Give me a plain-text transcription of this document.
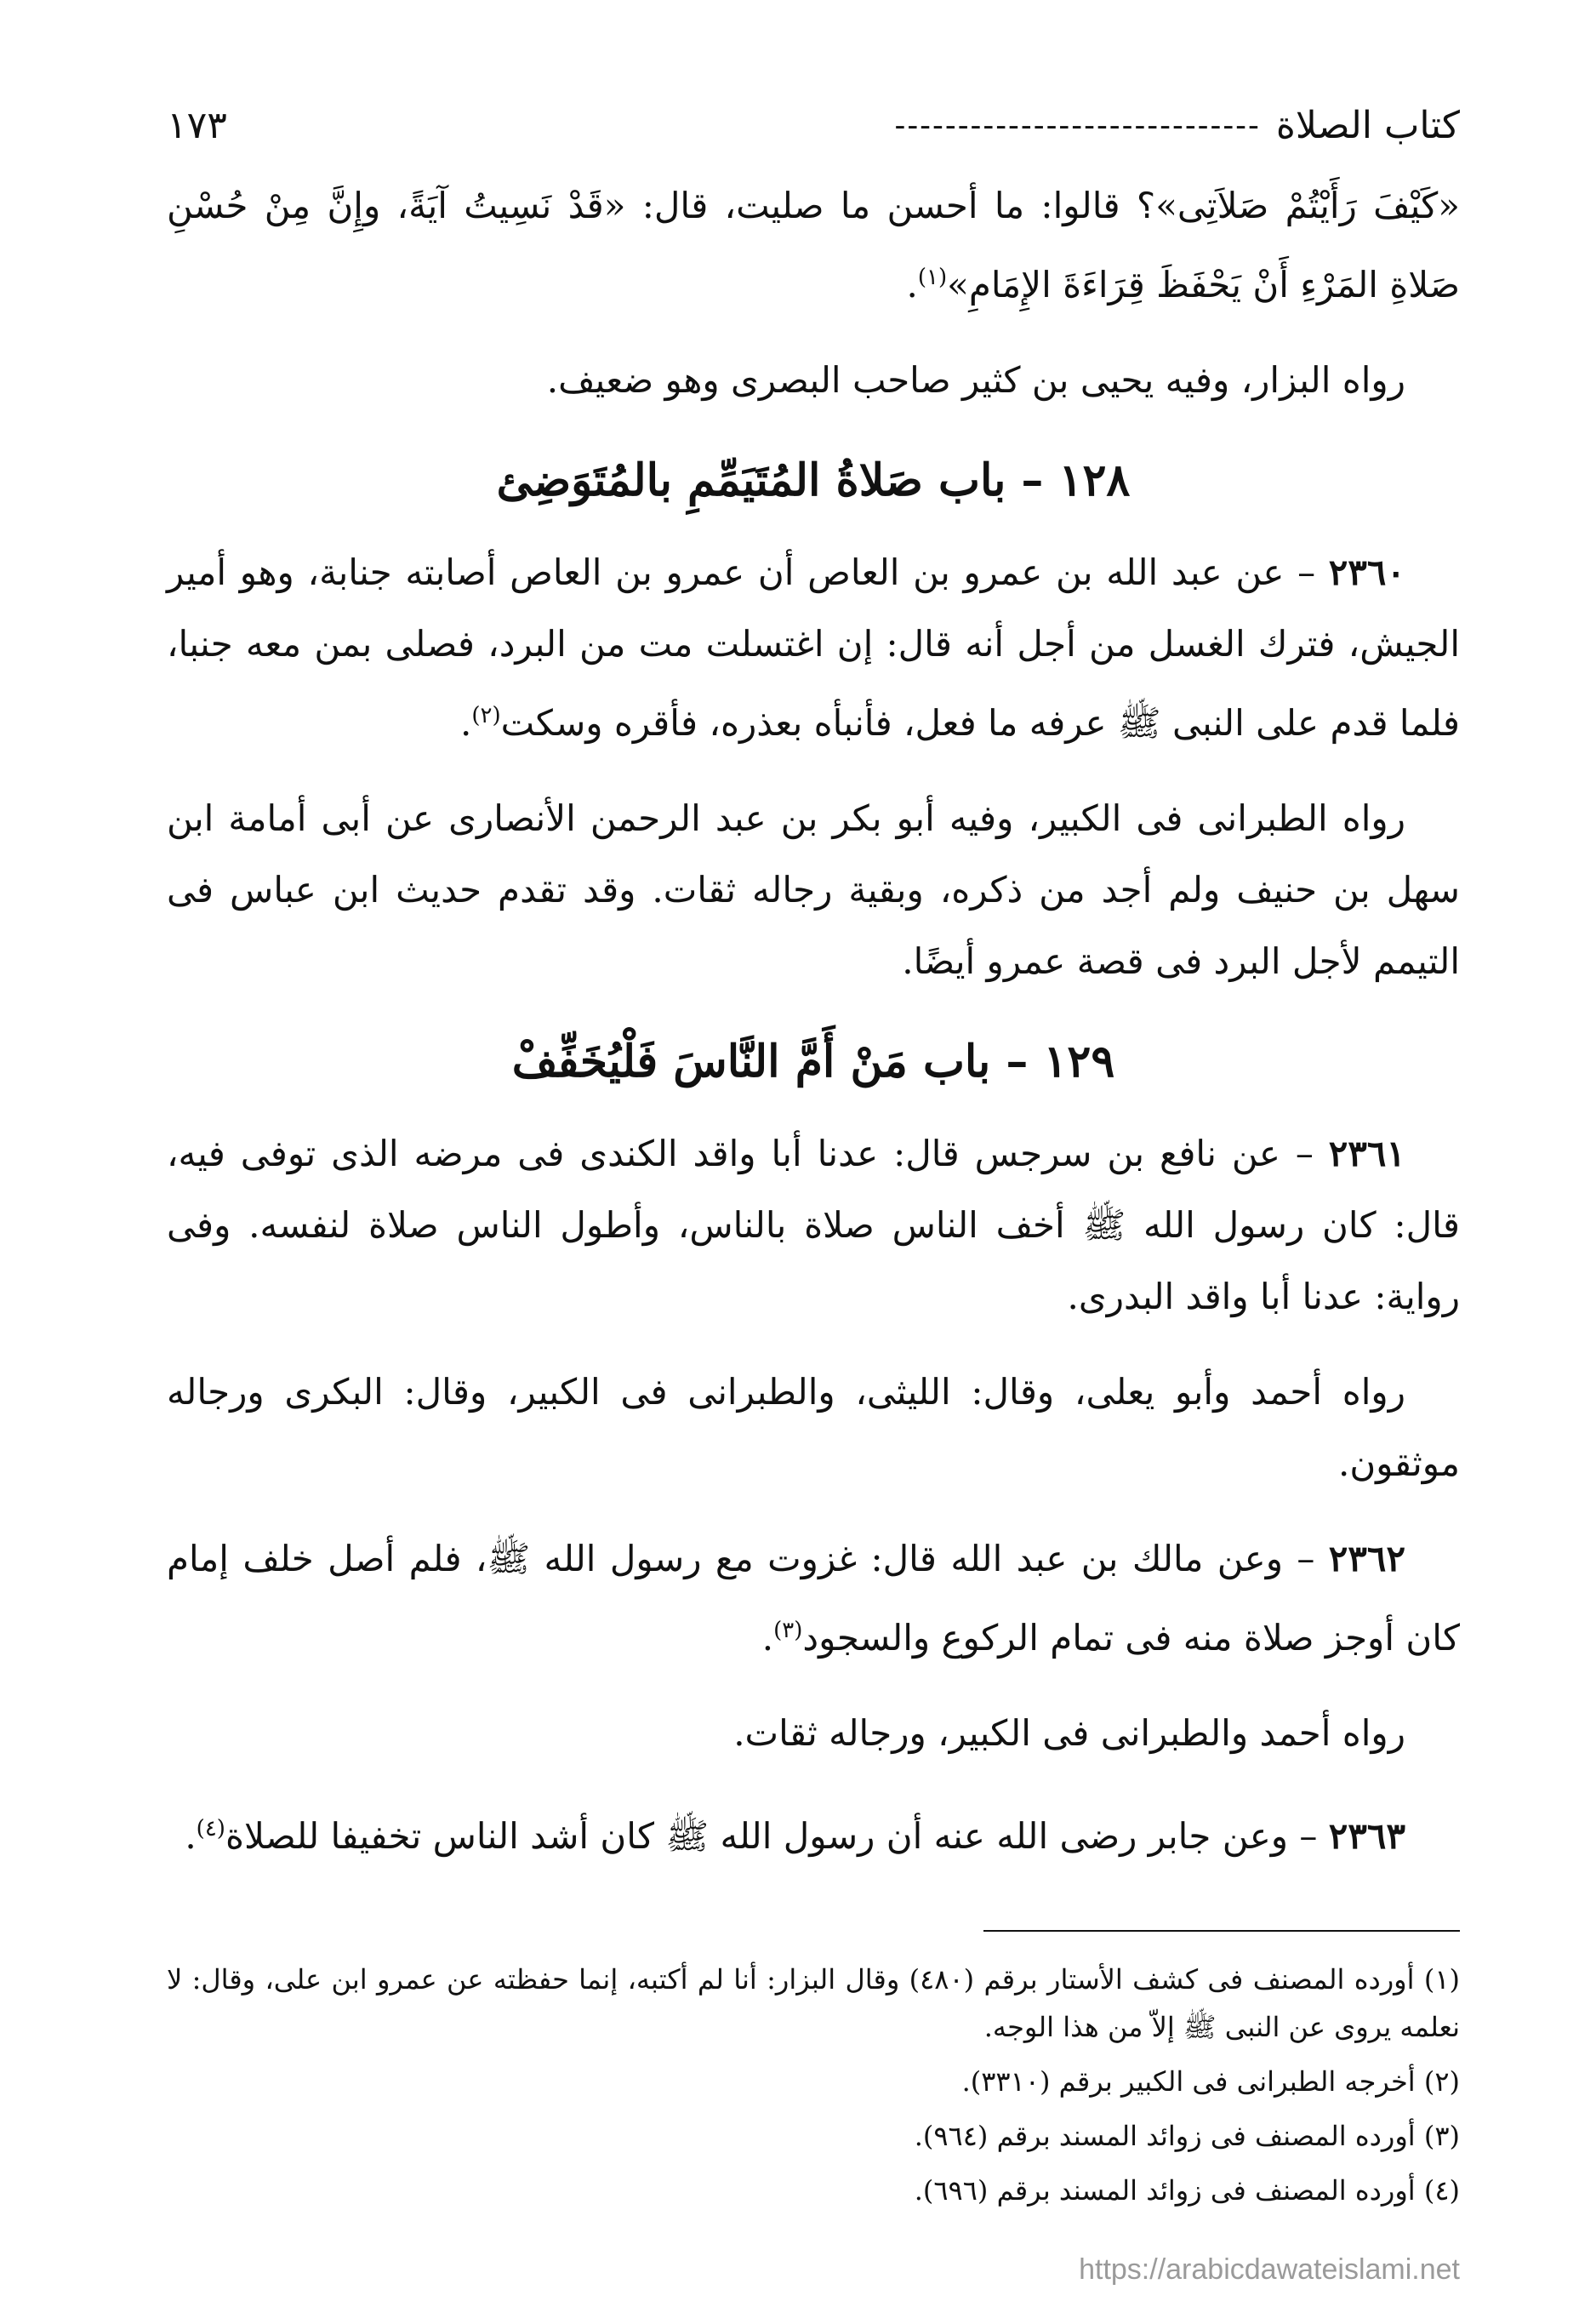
كتاب الصلاة
-----------------------------
١٧٣
«كَيْفَ رَأَيْتُمْ صَلاَتِى»؟ قالوا: ما أحسن ما صليت، قال: «قَدْ نَسِيتُ آيَةً، وإِنَّ مِنْ حُسْنِ صَلاةِ المَرْءِ أَنْ يَحْفَظَ قِرَاءَةَ الإِمَامِ»$^{(١)}$.
رواه البزار، وفيه يحيى بن كثير صاحب البصرى وهو ضعيف.
١٢٨ – باب صَلاةُ المُتَيَمِّمِ بالمُتَوَضِئ
٢٣٦٠ – عن عبد الله بن عمرو بن العاص أن عمرو بن العاص أصابته جنابة، وهو أمير الجيش، فترك الغسل من أجل أنه قال: إن اغتسلت مت من البرد، فصلى بمن معه جنبا، فلما قدم على النبى ﷺ عرفه ما فعل، فأنبأه بعذره، فأقره وسكت$^{(٢)}$.
رواه الطبرانى فى الكبير، وفيه أبو بكر بن عبد الرحمن الأنصارى عن أبى أمامة ابن سهل بن حنيف ولم أجد من ذكره، وبقية رجاله ثقات. وقد تقدم حديث ابن عباس فى التيمم لأجل البرد فى قصة عمرو أيضًا.
١٢٩ – باب مَنْ أَمَّ النَّاسَ فَلْيُخَفِّفْ
٢٣٦١ – عن نافع بن سرجس قال: عدنا أبا واقد الكندى فى مرضه الذى توفى فيه، قال: كان رسول الله ﷺ أخف الناس صلاة بالناس، وأطول الناس صلاة لنفسه. وفى رواية: عدنا أبا واقد البدرى.
رواه أحمد وأبو يعلى، وقال: الليثى، والطبرانى فى الكبير، وقال: البكرى ورجاله موثقون.
٢٣٦٢ – وعن مالك بن عبد الله قال: غزوت مع رسول الله ﷺ، فلم أصل خلف إمام كان أوجز صلاة منه فى تمام الركوع والسجود$^{(٣)}$.
رواه أحمد والطبرانى فى الكبير، ورجاله ثقات.
٢٣٦٣ – وعن جابر رضى الله عنه أن رسول الله ﷺ كان أشد الناس تخفيفا للصلاة$^{(٤)}$.
(١) أورده المصنف فى كشف الأستار برقم (٤٨٠) وقال البزار: أنا لم أكتبه، إنما حفظته عن عمرو ابن على، وقال: لا نعلمه يروى عن النبى ﷺ إلاّ من هذا الوجه.
(٢) أخرجه الطبرانى فى الكبير برقم (٣٣١٠).
(٣) أورده المصنف فى زوائد المسند برقم (٩٦٤).
(٤) أورده المصنف فى زوائد المسند برقم (٦٩٦).
https://arabicdawateislami.net
